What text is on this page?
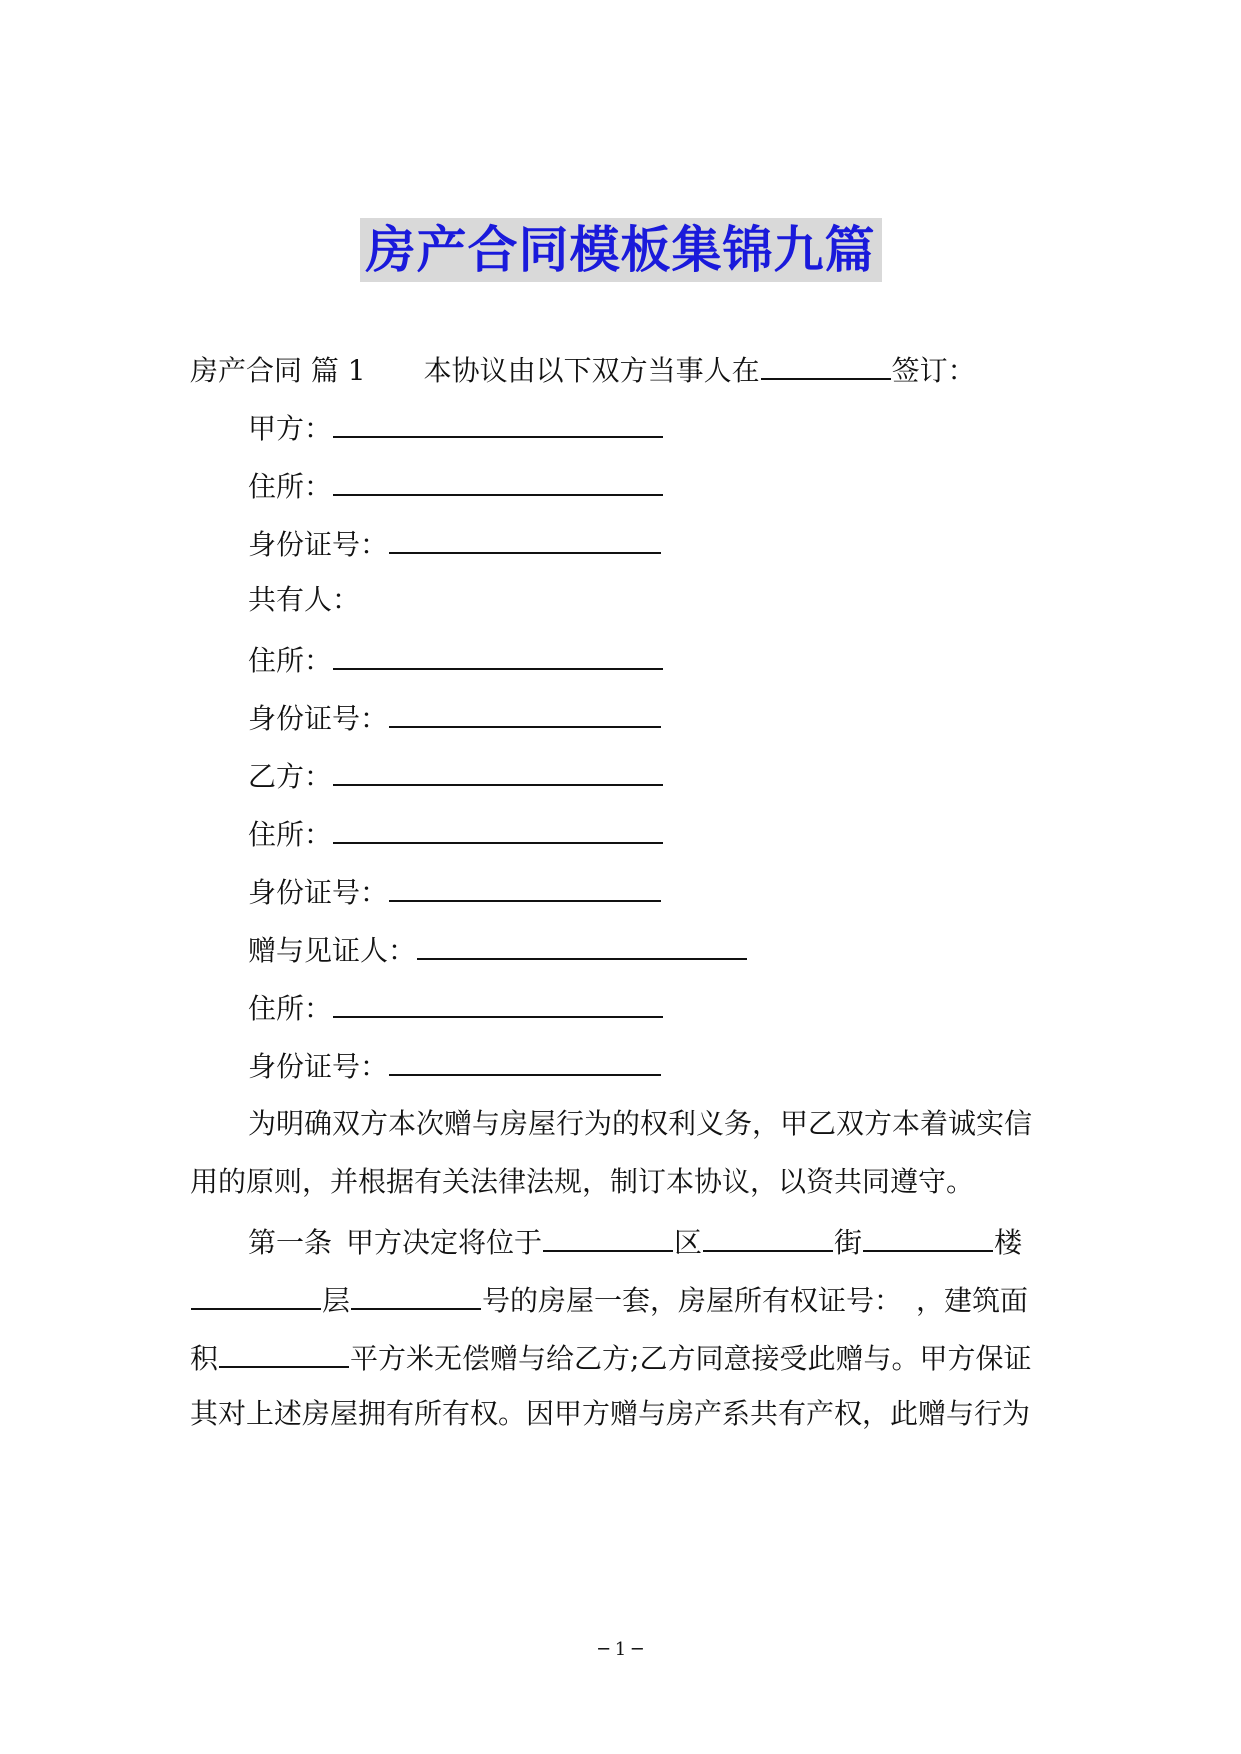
房产合同模板集锦九篇
房产合同 篇 1 本协议由以下双方当事人在	签订：
甲方：
住所：
身份证号：
共有人：
住所：
身份证号：
乙方：
住所：
身份证号：
赠与见证人：
住所：
身份证号：
为明确双方本次赠与房屋行为的权利义务，甲乙双方本着诚实信
用的原则，并根据有关法律法规，制订本协议，以资共同遵守。
第一条 甲方决定将位于	区	街	楼
层	号的房屋一套，房屋所有权证号： ，建筑面
积	平方米无偿赠与给乙方;乙方同意接受此赠与。甲方保证
其对上述房屋拥有所有权。因甲方赠与房产系共有产权，此赠与行为
─ 1 ─
